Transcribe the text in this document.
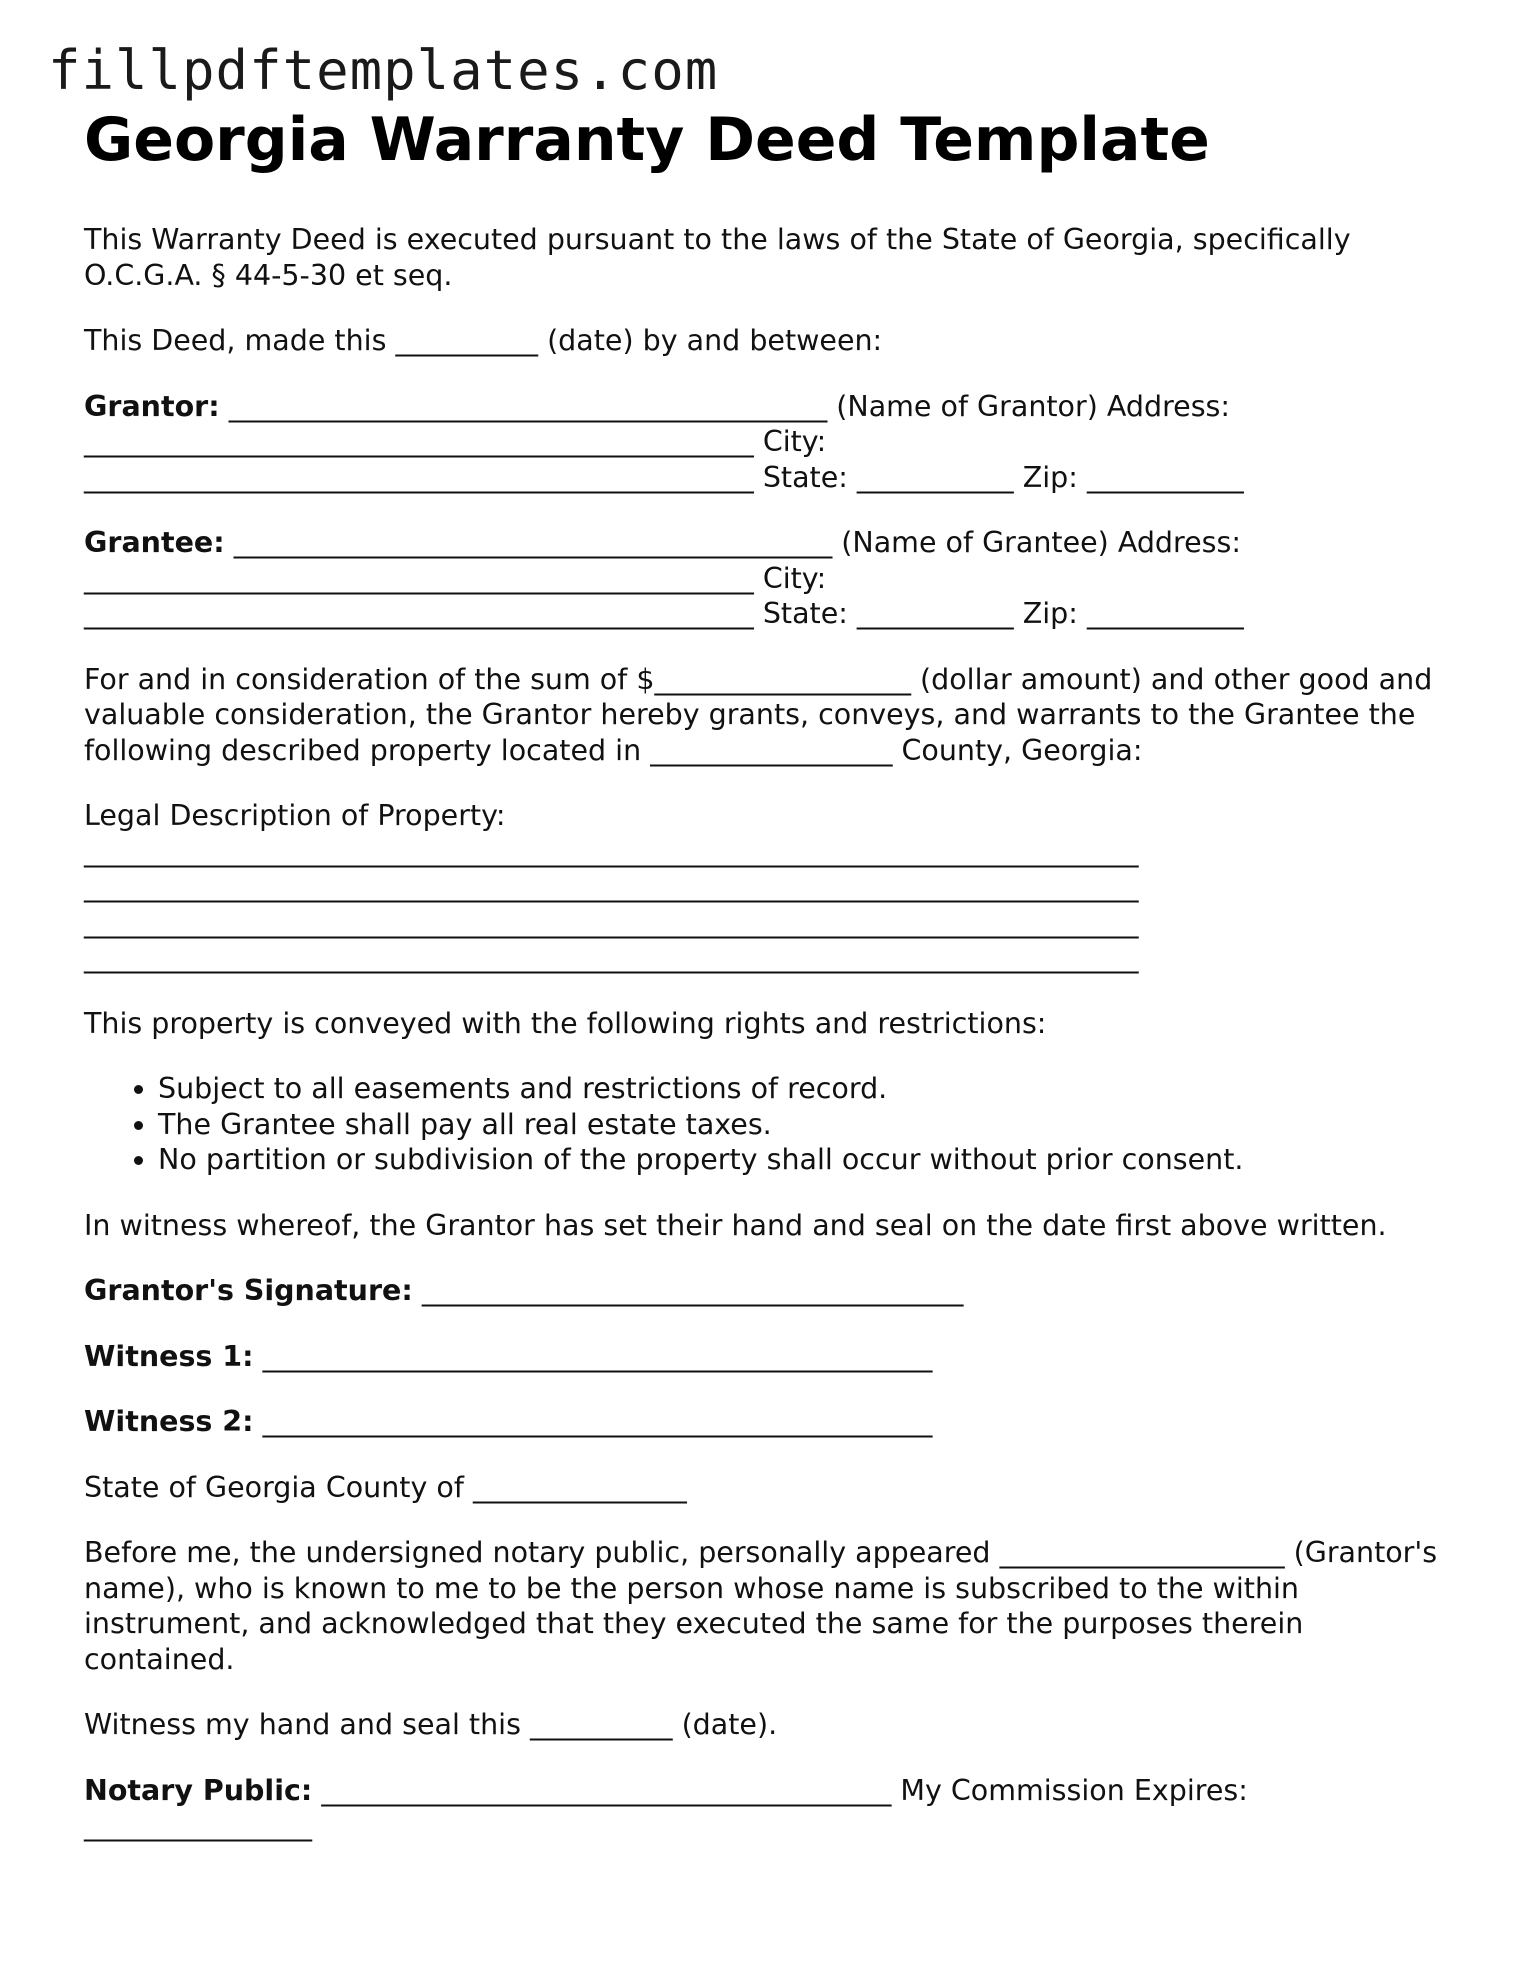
fillpdftemplates.com
Georgia Warranty Deed Template

This Warranty Deed is executed pursuant to the laws of the State of Georgia, specifically O.C.G.A. § 44-5-30 et seq.

This Deed, made this __________ (date) by and between:

Grantor: __________________________________________ (Name of Grantor) Address: _______________________________________________ City: _______________________________________________ State: ___________ Zip: ___________

Grantee: __________________________________________ (Name of Grantee) Address: _______________________________________________ City: _______________________________________________ State: ___________ Zip: ___________

For and in consideration of the sum of $__________________ (dollar amount) and other good and valuable consideration, the Grantor hereby grants, conveys, and warrants to the Grantee the following described property located in _________________ County, Georgia:

Legal Description of Property:
__________________________________________________________________________
__________________________________________________________________________
__________________________________________________________________________
__________________________________________________________________________

This property is conveyed with the following rights and restrictions:

• Subject to all easements and restrictions of record.
• The Grantee shall pay all real estate taxes.
• No partition or subdivision of the property shall occur without prior consent.

In witness whereof, the Grantor has set their hand and seal on the date first above written.

Grantor's Signature: ______________________________________

Witness 1: _______________________________________________

Witness 2: _______________________________________________

State of Georgia County of _______________

Before me, the undersigned notary public, personally appeared ____________________ (Grantor's name), who is known to me to be the person whose name is subscribed to the within instrument, and acknowledged that they executed the same for the purposes therein contained.

Witness my hand and seal this __________ (date).

Notary Public: ________________________________________ My Commission Expires: ________________
